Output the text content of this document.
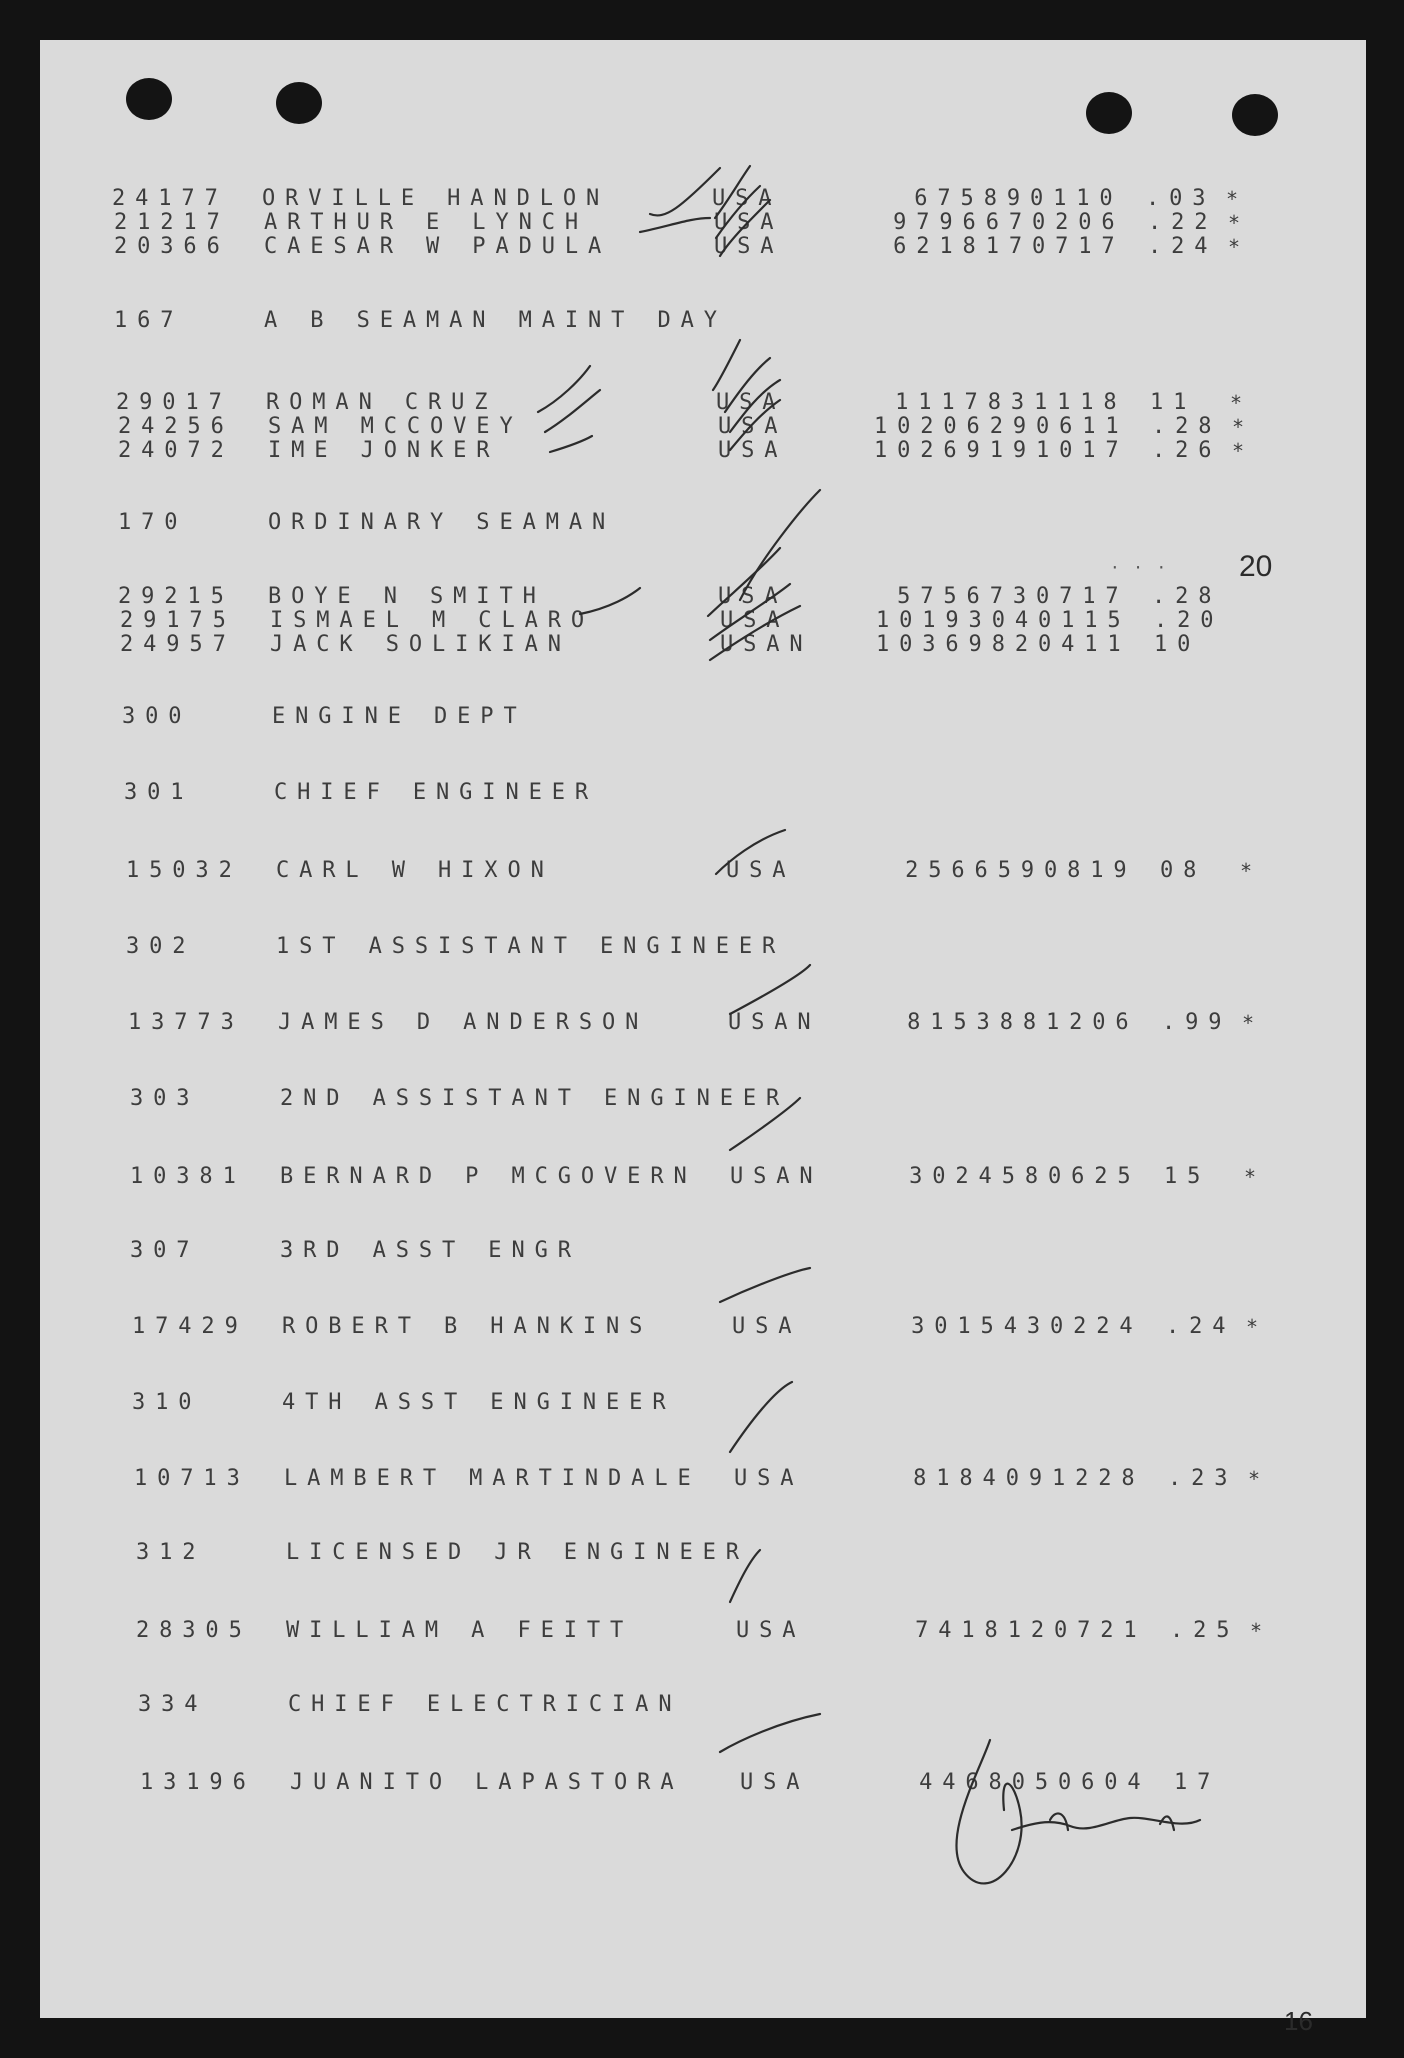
20
· · ·
24177 ORVILLE HANDLON	USA	67589 0110 .03 *
21217 ARTHUR E LYNCH	USA	979667 0206 .22 *
20366 CAESAR W PADULA	USA	621817 0717 .24 *
167	A B SEAMAN MAINT DAY
29017 ROMAN CRUZ	USA	111783 1118 11 *
24256 SAM MCCOVEY	USA	1020629 0611 .28 *
24072 IME JONKER	USA	1026919 1017 .26 *
170	ORDINARY SEAMAN
29215 BOYE N SMITH	USA	575673 0717 .28
29175 ISMAEL M CLARO	USA	1019304 0115 .20
24957 JACK SOLIKIAN	USAN	1036982 0411 10
300	ENGINE DEPT
301	CHIEF ENGINEER
15032 CARL W HIXON	USA	256659 0819 08 *
302	1ST ASSISTANT ENGINEER
13773 JAMES D ANDERSON	USAN	815388 1206 .99 *
303	2ND ASSISTANT ENGINEER
10381 BERNARD P MCGOVERN USAN	302458 0625 15 *
307	3RD ASST ENGR
17429 ROBERT B HANKINS	USA	301543 0224 .24 *
310	4TH ASST ENGINEER
10713 LAMBERT MARTINDALE USA	818409 1228 .23 *
312	LICENSED JR ENGINEER
28305 WILLIAM A FEITT	USA	741812 0721 .25 *
334	CHIEF ELECTRICIAN
13196 JUANITO LAPASTORA	USA	446805 0604 17
16
